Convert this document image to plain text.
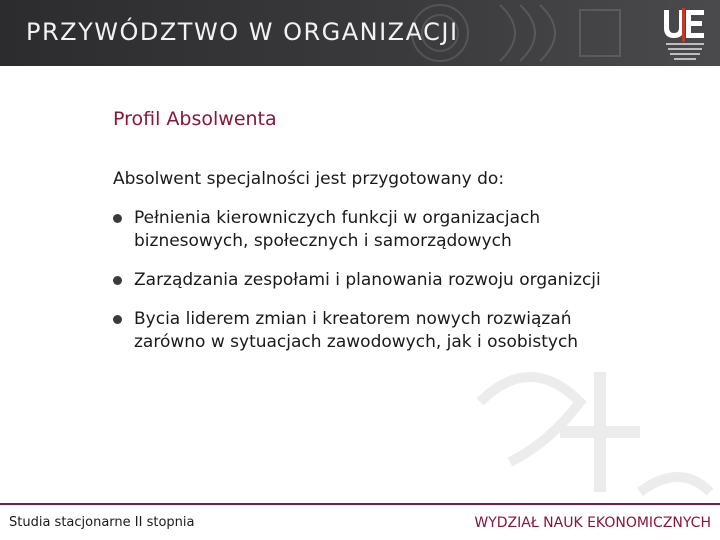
PRZYWÓDZTWO W ORGANIZACJI
Profil Absolwenta
Absolwent specjalności jest przygotowany do:
Pełnienia kierowniczych funkcji w organizacjach
biznesowych, społecznych i samorządowych
Zarządzania zespołami i planowania rozwoju organizcji
Bycia liderem zmian i kreatorem nowych rozwiązań
zarówno w sytuacjach zawodowych, jak i osobistych
Studia stacjonarne II stopnia	WYDZIAŁ NAUK EKONOMICZNYCH
